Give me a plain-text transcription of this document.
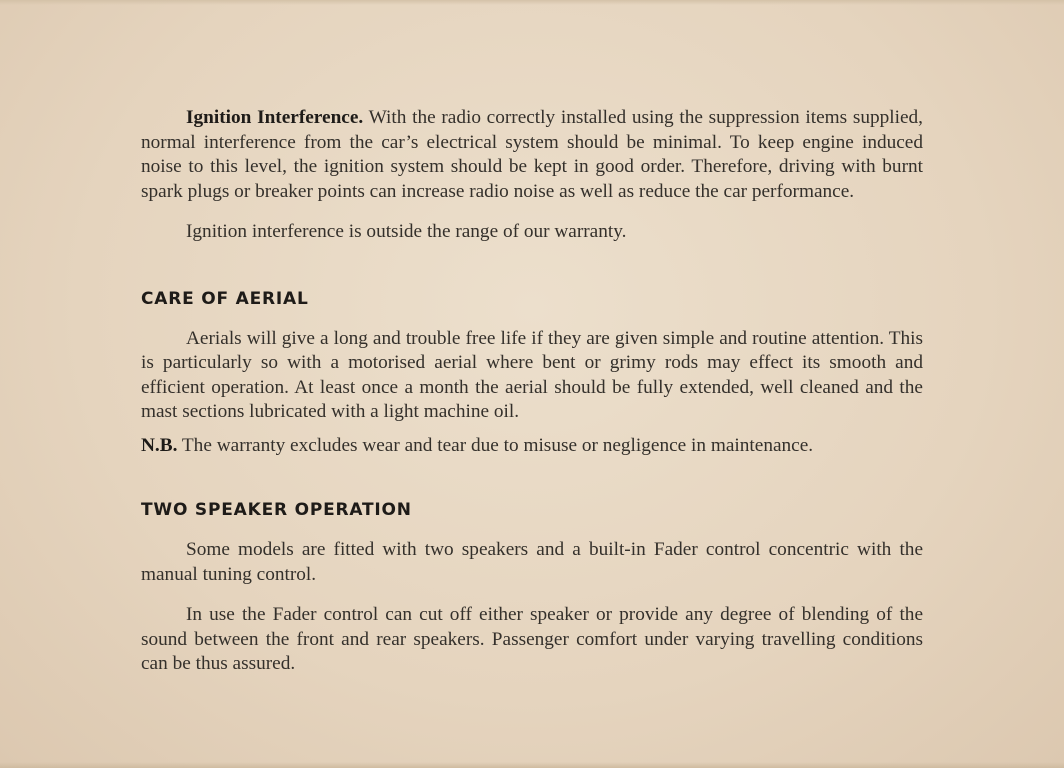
Ignition Interference. With the radio correctly installed using the suppression items supplied, normal interference from the car’s electrical system should be minimal. To keep engine induced noise to this level, the ignition system should be kept in good order. Therefore, driving with burnt spark plugs or breaker points can increase radio noise as well as reduce the car performance.

Ignition interference is outside the range of our warranty.

CARE OF AERIAL

Aerials will give a long and trouble free life if they are given simple and routine attention. This is particularly so with a motorised aerial where bent or grimy rods may effect its smooth and efficient operation. At least once a month the aerial should be fully extended, well cleaned and the mast sections lubricated with a light machine oil.

N.B. The warranty excludes wear and tear due to misuse or negligence in maintenance.

TWO SPEAKER OPERATION

Some models are fitted with two speakers and a built-in Fader control concentric with the manual tuning control.

In use the Fader control can cut off either speaker or provide any degree of blending of the sound between the front and rear speakers. Passenger comfort under varying travelling conditions can be thus assured.
